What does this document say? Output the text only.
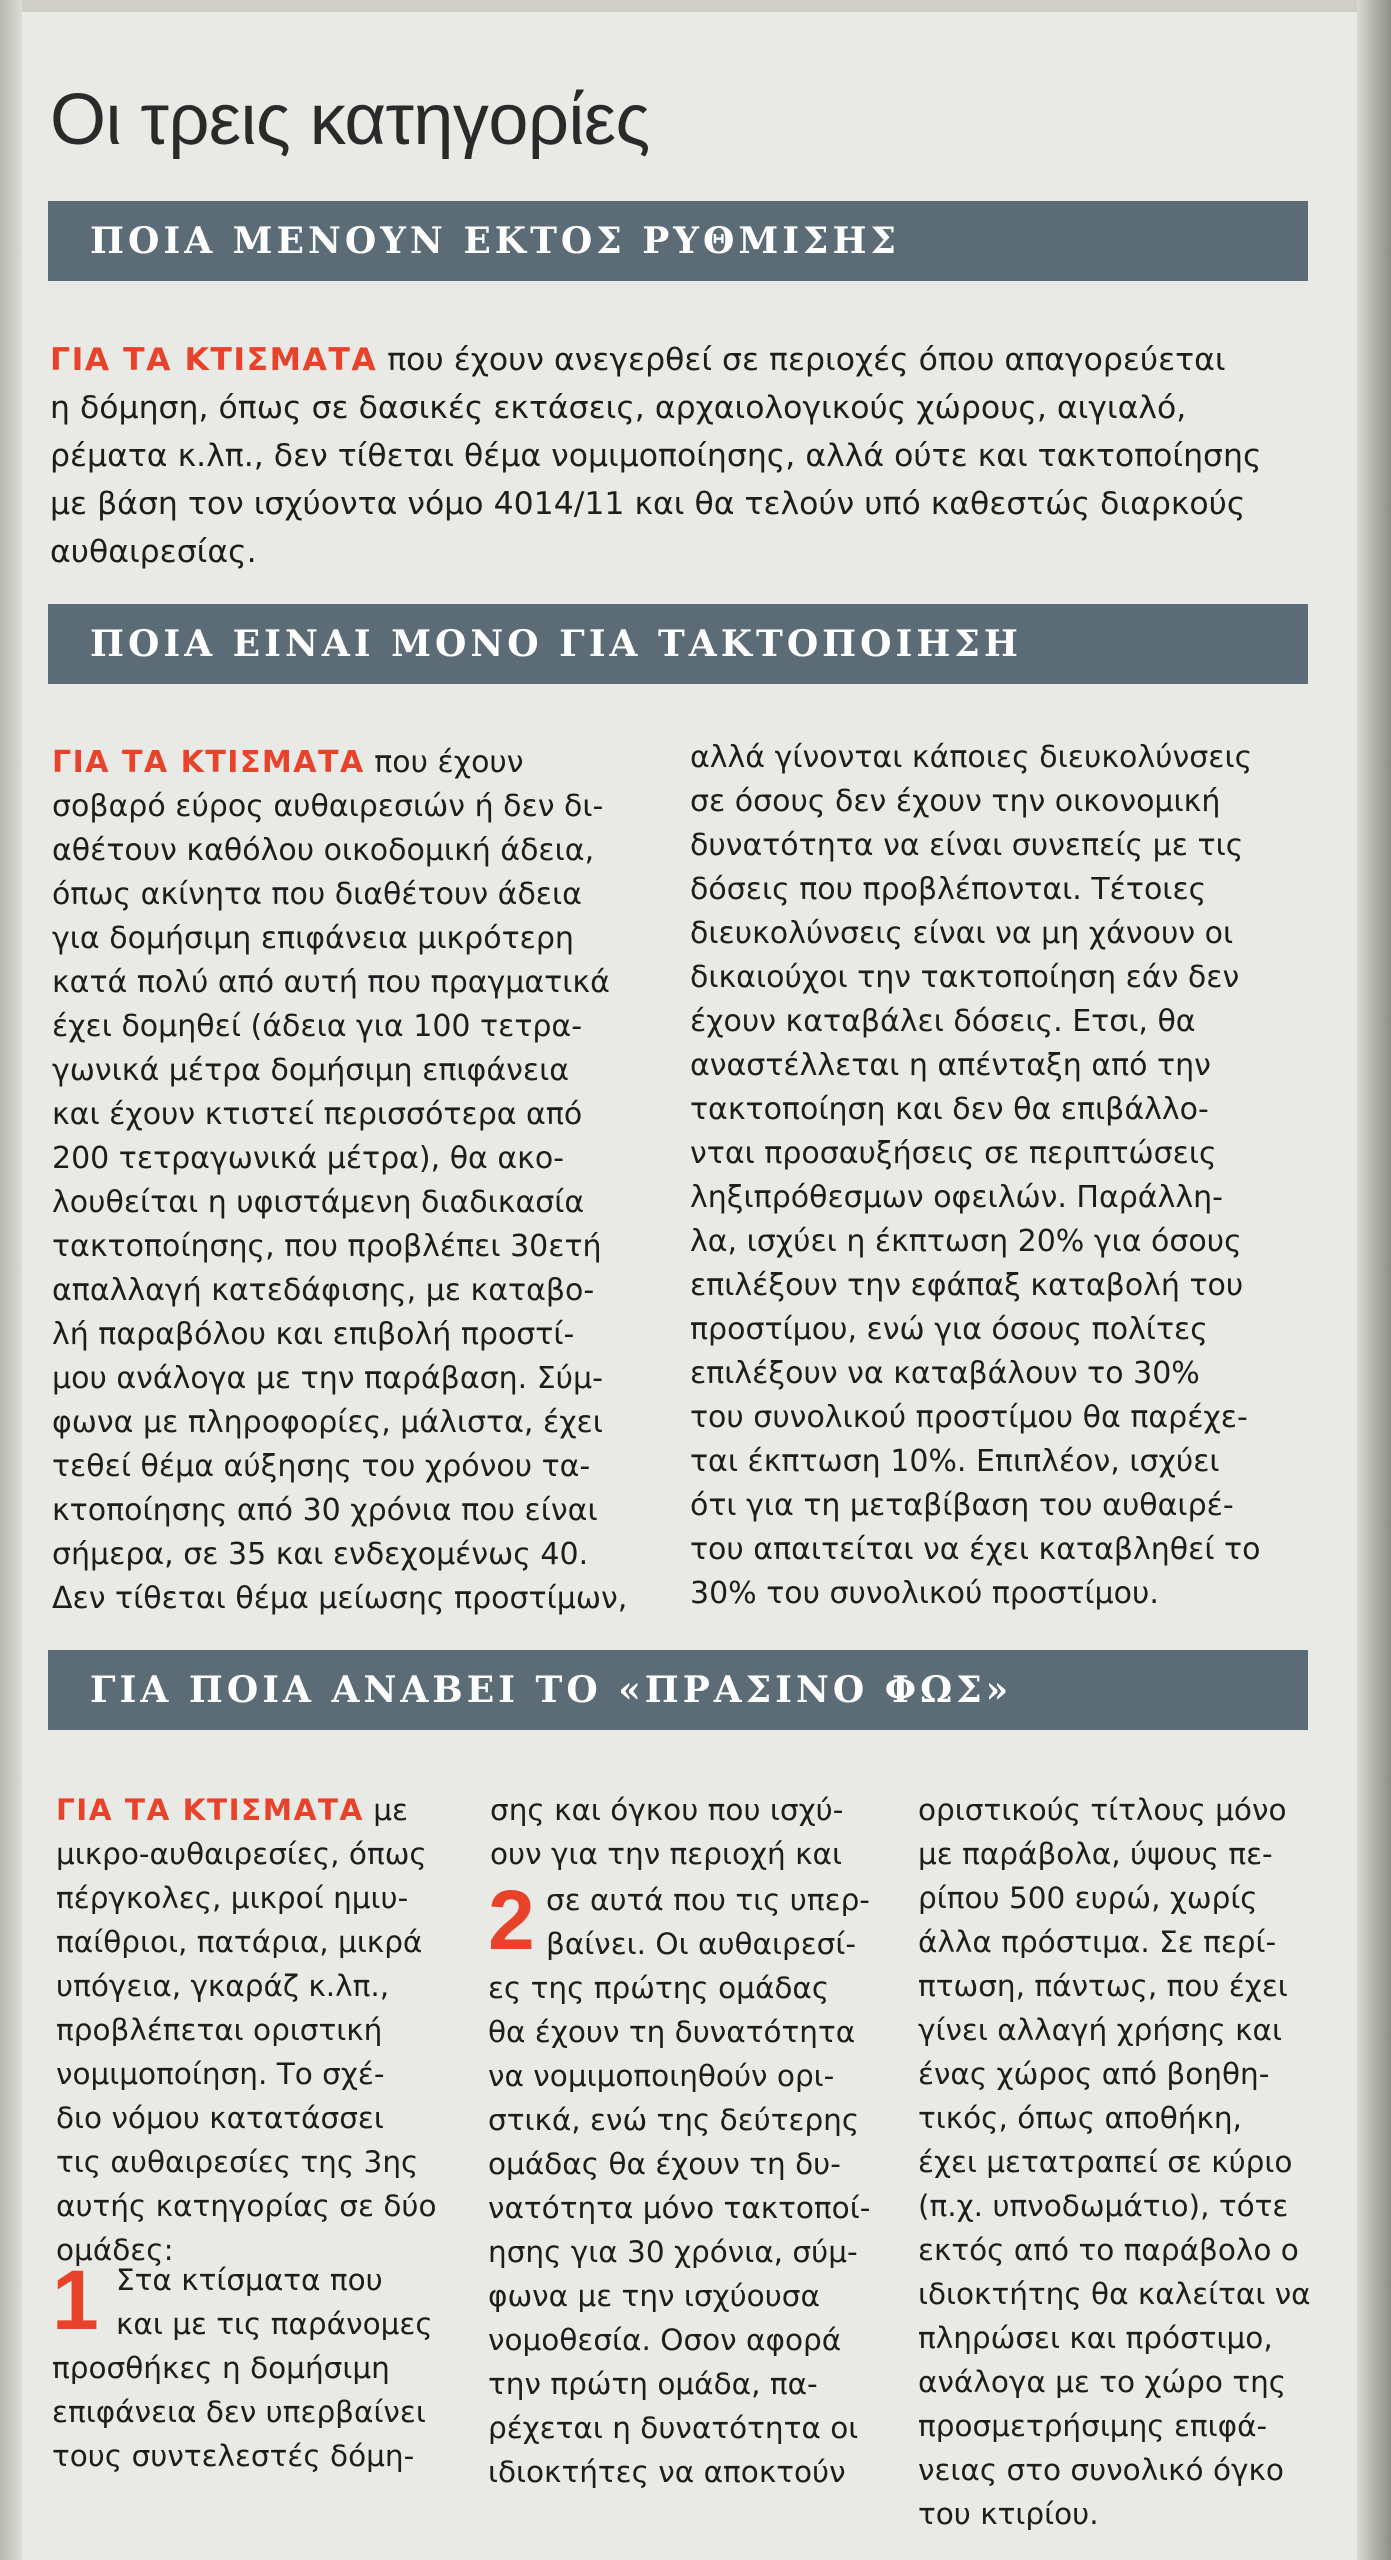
Οι τρεις κατηγορίες
ΠΟΙΑ ΜΕΝΟΥΝ ΕΚΤΟΣ ΡΥΘΜΙΣΗΣ

ΓΙΑ ΤΑ ΚΤΙΣΜΑΤΑ που έχουν ανεγερθεί σε περιοχές όπου απαγορεύεται
η δόμηση, όπως σε δασικές εκτάσεις, αρχαιολογικούς χώρους, αιγιαλό,
ρέματα κ.λπ., δεν τίθεται θέμα νομιμοποίησης, αλλά ούτε και τακτοποίησης
με βάση τον ισχύοντα νόμο 4014/11 και θα τελούν υπό καθεστώς διαρκούς
αυθαιρεσίας.

ΠΟΙΑ ΕΙΝΑΙ ΜΟΝΟ ΓΙΑ ΤΑΚΤΟΠΟΙΗΣΗ

ΓΙΑ ΤΑ ΚΤΙΣΜΑΤΑ που έχουν
σοβαρό εύρος αυθαιρεσιών ή δεν δι-
αθέτουν καθόλου οικοδομική άδεια,
όπως ακίνητα που διαθέτουν άδεια
για δομήσιμη επιφάνεια μικρότερη
κατά πολύ από αυτή που πραγματικά
έχει δομηθεί (άδεια για 100 τετρα-
γωνικά μέτρα δομήσιμη επιφάνεια
και έχουν κτιστεί περισσότερα από
200 τετραγωνικά μέτρα), θα ακο-
λουθείται η υφιστάμενη διαδικασία
τακτοποίησης, που προβλέπει 30ετή
απαλλαγή κατεδάφισης, με καταβο-
λή παραβόλου και επιβολή προστί-
μου ανάλογα με την παράβαση. Σύμ-
φωνα με πληροφορίες, μάλιστα, έχει
τεθεί θέμα αύξησης του χρόνου τα-
κτοποίησης από 30 χρόνια που είναι
σήμερα, σε 35 και ενδεχομένως 40.
Δεν τίθεται θέμα μείωσης προστίμων,

αλλά γίνονται κάποιες διευκολύνσεις
σε όσους δεν έχουν την οικονομική
δυνατότητα να είναι συνεπείς με τις
δόσεις που προβλέπονται. Τέτοιες
διευκολύνσεις είναι να μη χάνουν οι
δικαιούχοι την τακτοποίηση εάν δεν
έχουν καταβάλει δόσεις. Ετσι, θα
αναστέλλεται η απένταξη από την
τακτοποίηση και δεν θα επιβάλλο-
νται προσαυξήσεις σε περιπτώσεις
ληξιπρόθεσμων οφειλών. Παράλλη-
λα, ισχύει η έκπτωση 20% για όσους
επιλέξουν την εφάπαξ καταβολή του
προστίμου, ενώ για όσους πολίτες
επιλέξουν να καταβάλουν το 30%
του συνολικού προστίμου θα παρέχε-
ται έκπτωση 10%. Επιπλέον, ισχύει
ότι για τη μεταβίβαση του αυθαιρέ-
του απαιτείται να έχει καταβληθεί το
30% του συνολικού προστίμου.

ΓΙΑ ΠΟΙΑ ΑΝΑΒΕΙ ΤΟ «ΠΡΑΣΙΝΟ ΦΩΣ»

ΓΙΑ ΤΑ ΚΤΙΣΜΑΤΑ με
μικρο-αυθαιρεσίες, όπως
πέργκολες, μικροί ημιυ-
παίθριοι, πατάρια, μικρά
υπόγεια, γκαράζ κ.λπ.,
προβλέπεται οριστική
νομιμοποίηση. Το σχέ-
διο νόμου κατατάσσει
τις αυθαιρεσίες της 3ης
αυτής κατηγορίας σε δύο
ομάδες:

1 Στα κτίσματα που
και με τις παράνομες
προσθήκες η δομήσιμη
επιφάνεια δεν υπερβαίνει
τους συντελεστές δόμη-

σης και όγκου που ισχύ-
ουν για την περιοχή και

2 σε αυτά που τις υπερ-
βαίνει. Οι αυθαιρεσί-
ες της πρώτης ομάδας
θα έχουν τη δυνατότητα
να νομιμοποιηθούν ορι-
στικά, ενώ της δεύτερης
ομάδας θα έχουν τη δυ-
νατότητα μόνο τακτοποί-
ησης για 30 χρόνια, σύμ-
φωνα με την ισχύουσα
νομοθεσία. Οσον αφορά
την πρώτη ομάδα, πα-
ρέχεται η δυνατότητα οι
ιδιοκτήτες να αποκτούν

οριστικούς τίτλους μόνο
με παράβολα, ύψους πε-
ρίπου 500 ευρώ, χωρίς
άλλα πρόστιμα. Σε περί-
πτωση, πάντως, που έχει
γίνει αλλαγή χρήσης και
ένας χώρος από βοηθη-
τικός, όπως αποθήκη,
έχει μετατραπεί σε κύριο
(π.χ. υπνοδωμάτιο), τότε
εκτός από το παράβολο ο
ιδιοκτήτης θα καλείται να
πληρώσει και πρόστιμο,
ανάλογα με το χώρο της
προσμετρήσιμης επιφά-
νειας στο συνολικό όγκο
του κτιρίου.
